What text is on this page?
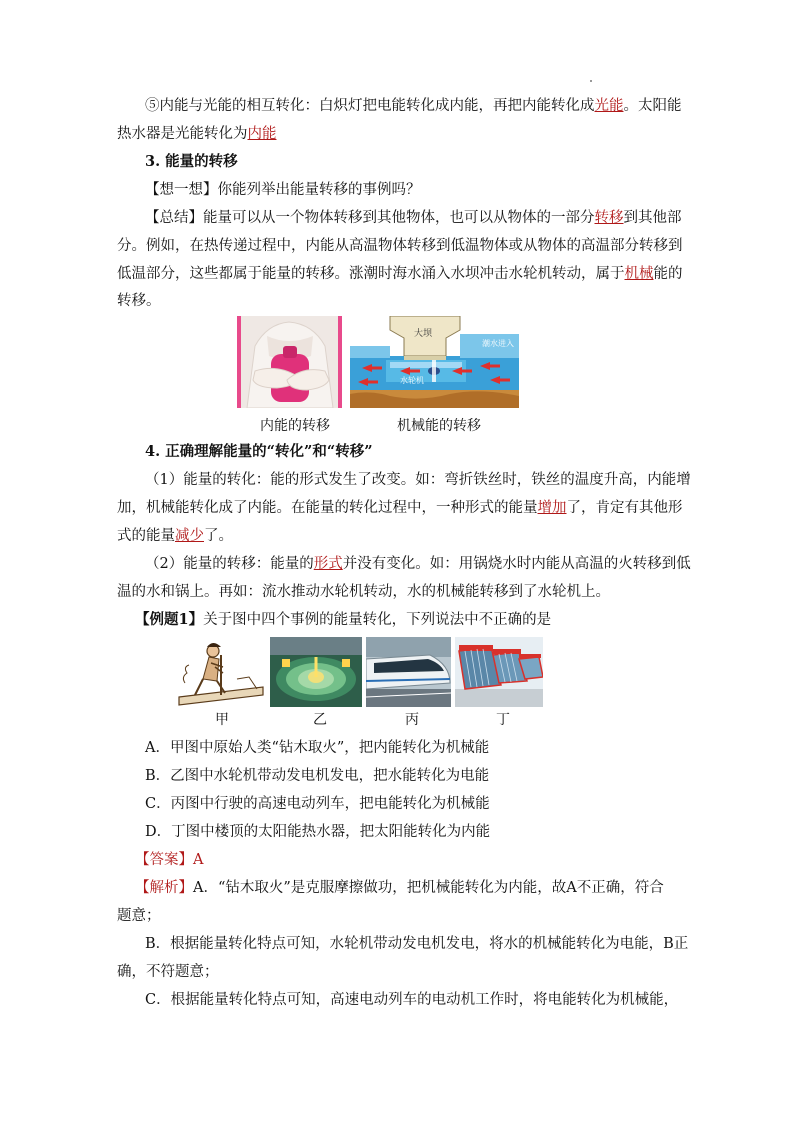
⑤内能与光能的相互转化：白炽灯把电能转化成内能，再把内能转化成光能。太阳能
热水器是光能转化为内能
3. 能量的转移
【想一想】你能列举出能量转移的事例吗？
【总结】能量可以从一个物体转移到其他物体，也可以从物体的一部分转移到其他部
分。例如，在热传递过程中，内能从高温物体转移到低温物体或从物体的高温部分转移到
低温部分，这些都属于能量的转移。涨潮时海水涌入水坝冲击水轮机转动，属于机械能的
转移。
大坝
潮水进入
水轮机
内能的转移	机械能的转移
4. 正确理解能量的“转化”和“转移”
（1）能量的转化：能的形式发生了改变。如：弯折铁丝时，铁丝的温度升高，内能增
加，机械能转化成了内能。在能量的转化过程中，一种形式的能量增加了，肯定有其他形
式的能量减少了。
（2）能量的转移：能量的形式并没有变化。如：用锅烧水时内能从高温的火转移到低
温的水和锅上。再如：流水推动水轮机转动，水的机械能转移到了水轮机上。
【例题1】关于图中四个事例的能量转化，下列说法中不正确的是
甲	乙	丙	丁
A．甲图中原始人类“钻木取火”，把内能转化为机械能
B．乙图中水轮机带动发电机发电，把水能转化为电能
C．丙图中行驶的高速电动列车，把电能转化为机械能
D．丁图中楼顶的太阳能热水器，把太阳能转化为内能
【答案】A
【解析】A．“钻木取火”是克服摩擦做功，把机械能转化为内能，故A不正确，符合
题意；
B．根据能量转化特点可知，水轮机带动发电机发电，将水的机械能转化为电能，B正
确，不符题意；
C．根据能量转化特点可知，高速电动列车的电动机工作时，将电能转化为机械能，
